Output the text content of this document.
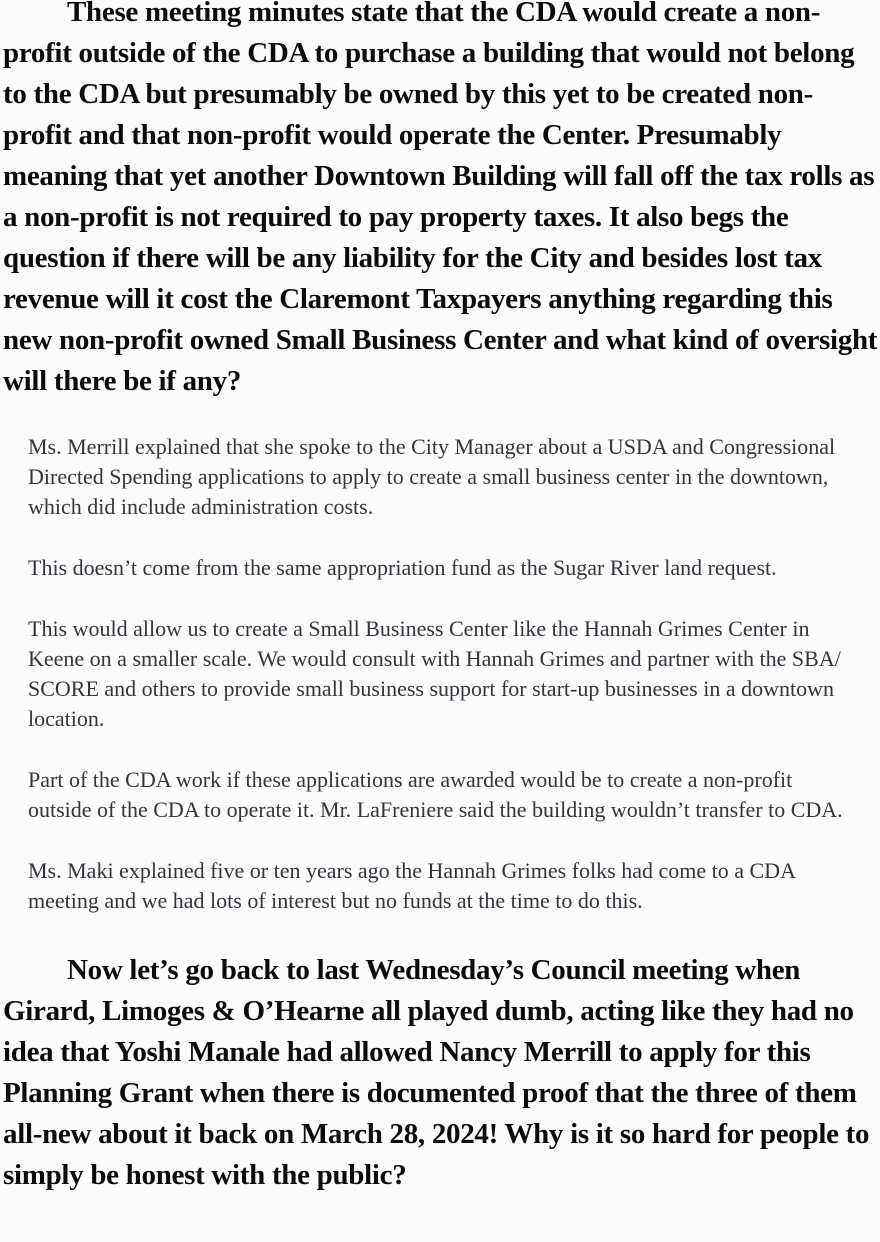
These meeting minutes state that the CDA would create a non-profit outside of the CDA to purchase a building that would not belong to the CDA but presumably be owned by this yet to be created non-profit and that non-profit would operate the Center. Presumably meaning that yet another Downtown Building will fall off the tax rolls as a non-profit is not required to pay property taxes. It also begs the question if there will be any liability for the City and besides lost tax revenue will it cost the Claremont Taxpayers anything regarding this new non-profit owned Small Business Center and what kind of oversight will there be if any?

Ms. Merrill explained that she spoke to the City Manager about a USDA and Congressional Directed Spending applications to apply to create a small business center in the downtown, which did include administration costs.

This doesn’t come from the same appropriation fund as the Sugar River land request.

This would allow us to create a Small Business Center like the Hannah Grimes Center in Keene on a smaller scale. We would consult with Hannah Grimes and partner with the SBA/ SCORE and others to provide small business support for start-up businesses in a downtown location.

Part of the CDA work if these applications are awarded would be to create a non-profit outside of the CDA to operate it. Mr. LaFreniere said the building wouldn’t transfer to CDA.

Ms. Maki explained five or ten years ago the Hannah Grimes folks had come to a CDA meeting and we had lots of interest but no funds at the time to do this.

Now let’s go back to last Wednesday’s Council meeting when Girard, Limoges & O’Hearne all played dumb, acting like they had no idea that Yoshi Manale had allowed Nancy Merrill to apply for this Planning Grant when there is documented proof that the three of them all-new about it back on March 28, 2024! Why is it so hard for people to simply be honest with the public?
